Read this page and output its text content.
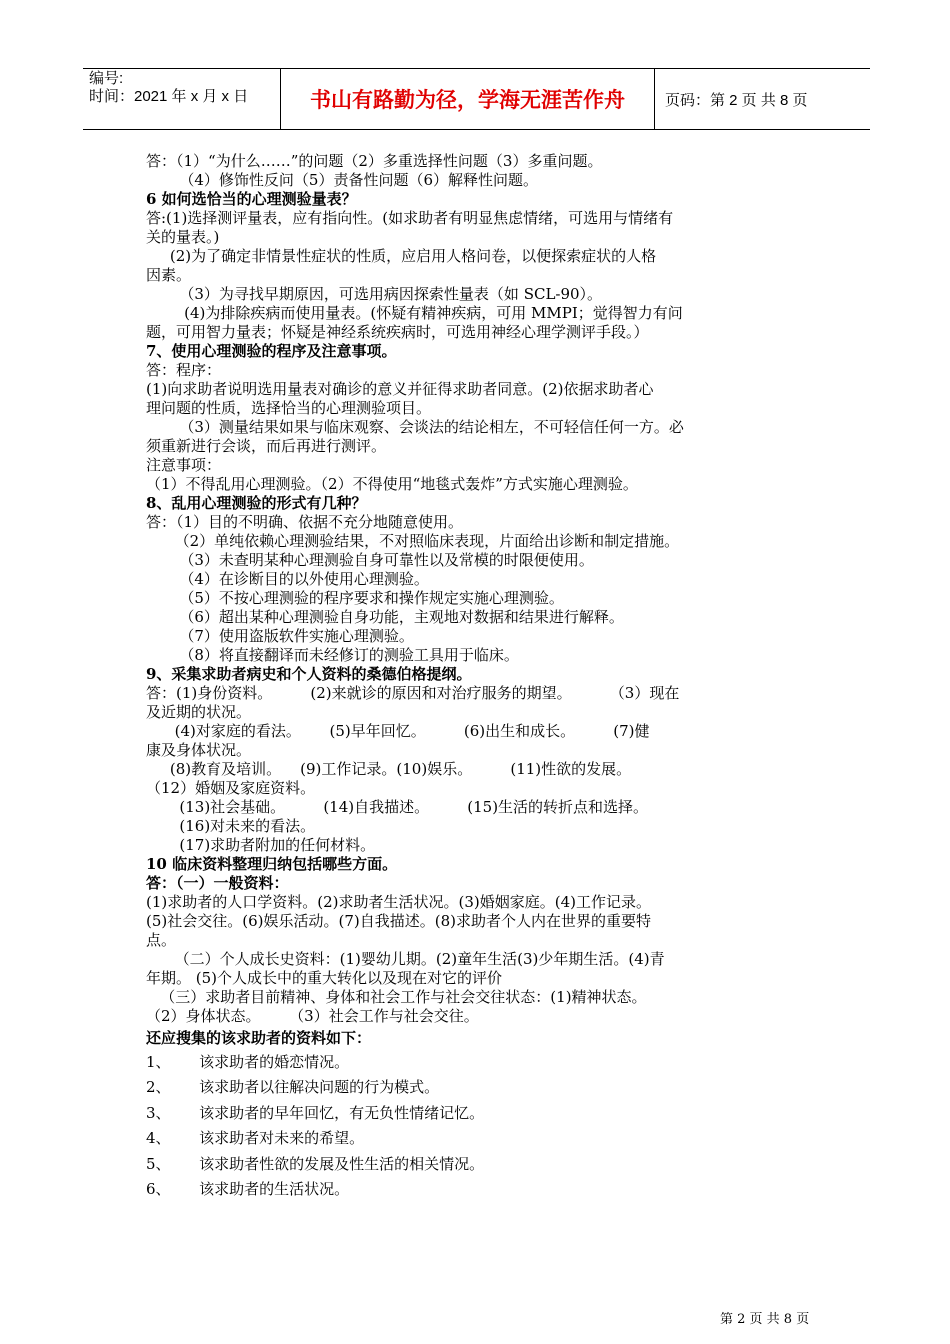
编号:
时间：2021 年 x 月 x 日	书山有路勤为径，学海无涯苦作舟	页码：第 2 页 共 8 页
答：（1）“为什么……”的问题（2）多重选择性问题（3）多重问题。
（4）修饰性反问（5）责备性问题（6）解释性问题。
6 如何选恰当的心理测验量表？
答:(1)选择测评量表，应有指向性。(如求助者有明显焦虑情绪，可选用与情绪有
关的量表。)
(2)为了确定非情景性症状的性质，应启用人格问卷，以便探索症状的人格
因素。
（3）为寻找早期原因，可选用病因探索性量表（如 SCL-90）。
(4)为排除疾病而使用量表。(怀疑有精神疾病，可用 MMPI；觉得智力有问
题，可用智力量表；怀疑是神经系统疾病时，可选用神经心理学测评手段。）
7、使用心理测验的程序及注意事项。
答：程序：
(1)向求助者说明选用量表对确诊的意义并征得求助者同意。(2)依据求助者心
理问题的性质，选择恰当的心理测验项目。
（3）测量结果如果与临床观察、会谈法的结论相左，不可轻信任何一方。必
须重新进行会谈，而后再进行测评。
注意事项：
（1）不得乱用心理测验。（2）不得使用“地毯式轰炸”方式实施心理测验。
8、乱用心理测验的形式有几种？
答：（1）目的不明确、依据不充分地随意使用。
（2）单纯依赖心理测验结果，不对照临床表现，片面给出诊断和制定措施。
（3）未查明某种心理测验自身可靠性以及常模的时限便使用。
（4）在诊断目的以外使用心理测验。
（5）不按心理测验的程序要求和操作规定实施心理测验。
（6）超出某种心理测验自身功能，主观地对数据和结果进行解释。
（7）使用盗版软件实施心理测验。
（8）将直接翻译而未经修订的测验工具用于临床。
9、采集求助者病史和个人资料的桑德伯格提纲。
答：(1)身份资料。        (2)来就诊的原因和对治疗服务的期望。        （3）现在
及近期的状况。
(4)对家庭的看法。      (5)早年回忆。        (6)出生和成长。        (7)健
康及身体状况。
(8)教育及培训。    (9)工作记录。(10)娱乐。        (11)性欲的发展。
（12）婚姻及家庭资料。
(13)社会基础。        (14)自我描述。        (15)生活的转折点和选择。
(16)对未来的看法。
(17)求助者附加的任何材料。
10 临床资料整理归纳包括哪些方面。
答：（一）一般资料：
(1)求助者的人口学资料。(2)求助者生活状况。(3)婚姻家庭。(4)工作记录。
(5)社会交往。(6)娱乐活动。(7)自我描述。(8)求助者个人内在世界的重要特
点。
（二）个人成长史资料：(1)婴幼儿期。(2)童年生活(3)少年期生活。(4)青
年期。 (5)个人成长中的重大转化以及现在对它的评价
（三）求助者目前精神、身体和社会工作与社会交往状态：(1)精神状态。
（2）身体状态。      （3）社会工作与社会交往。
还应搜集的该求助者的资料如下：
1、      该求助者的婚恋情况。
2、      该求助者以往解决问题的行为模式。
3、      该求助者的早年回忆，有无负性情绪记忆。
4、      该求助者对未来的希望。
5、      该求助者性欲的发展及性生活的相关情况。
6、      该求助者的生活状况。
第 2 页 共 8 页
